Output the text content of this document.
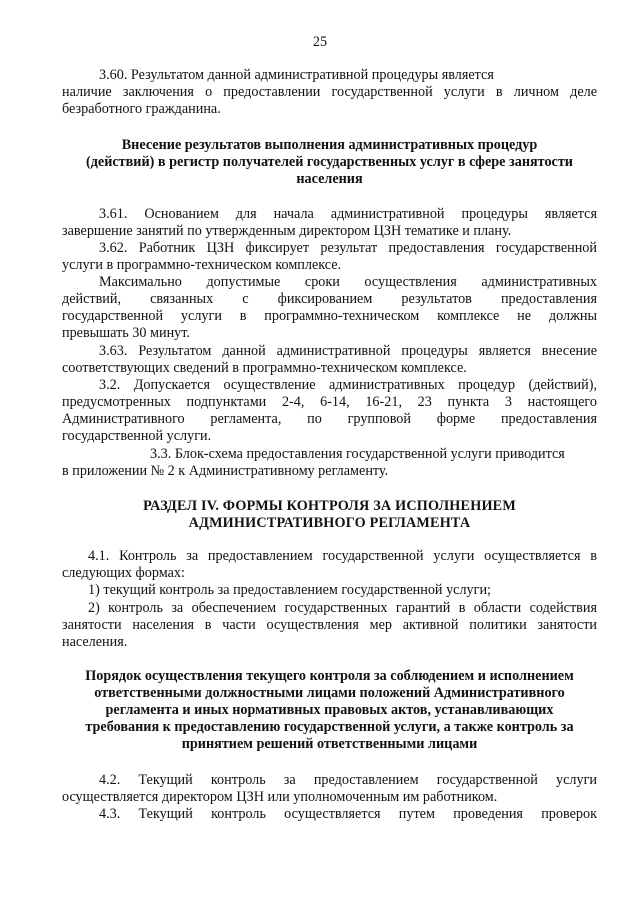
25
3.60. Результатом данной административной процедуры является
наличие заключения о предоставлении государственной услуги в личном деле
безработного гражданина.
Внесение результатов выполнения административных процедур
(действий) в регистр получателей государственных услуг в сфере занятости
населения
3.61. Основанием для начала административной процедуры является
завершение занятий по утвержденным директором ЦЗН тематике и плану.
3.62. Работник ЦЗН фиксирует результат предоставления государственной
услуги в программно-техническом комплексе.
Максимально допустимые сроки осуществления административных
действий, связанных с фиксированием результатов предоставления
государственной услуги в программно-техническом комплексе не должны
превышать 30 минут.
3.63. Результатом данной административной процедуры является внесение
соответствующих сведений в программно-техническом комплексе.
3.2. Допускается осуществление административных процедур (действий),
предусмотренных подпунктами 2-4, 6-14, 16-21, 23 пункта 3 настоящего
Административного регламента, по групповой форме предоставления
государственной услуги.
3.3. Блок-схема предоставления государственной услуги приводится
в приложении № 2 к Административному регламенту.
РАЗДЕЛ IV. ФОРМЫ КОНТРОЛЯ ЗА ИСПОЛНЕНИЕМ
АДМИНИСТРАТИВНОГО РЕГЛАМЕНТА
4.1. Контроль за предоставлением государственной услуги осуществляется в
следующих формах:
1) текущий контроль за предоставлением государственной услуги;
2) контроль за обеспечением государственных гарантий в области содействия
занятости населения в части осуществления мер активной политики занятости
населения.
Порядок осуществления текущего контроля за соблюдением и исполнением
ответственными должностными лицами положений Административного
регламента и иных нормативных правовых актов, устанавливающих
требования к предоставлению государственной услуги, а также контроль за
принятием решений ответственными лицами
4.2. Текущий контроль за предоставлением государственной услуги
осуществляется директором ЦЗН или уполномоченным им работником.
4.3. Текущий контроль осуществляется путем проведения проверок
